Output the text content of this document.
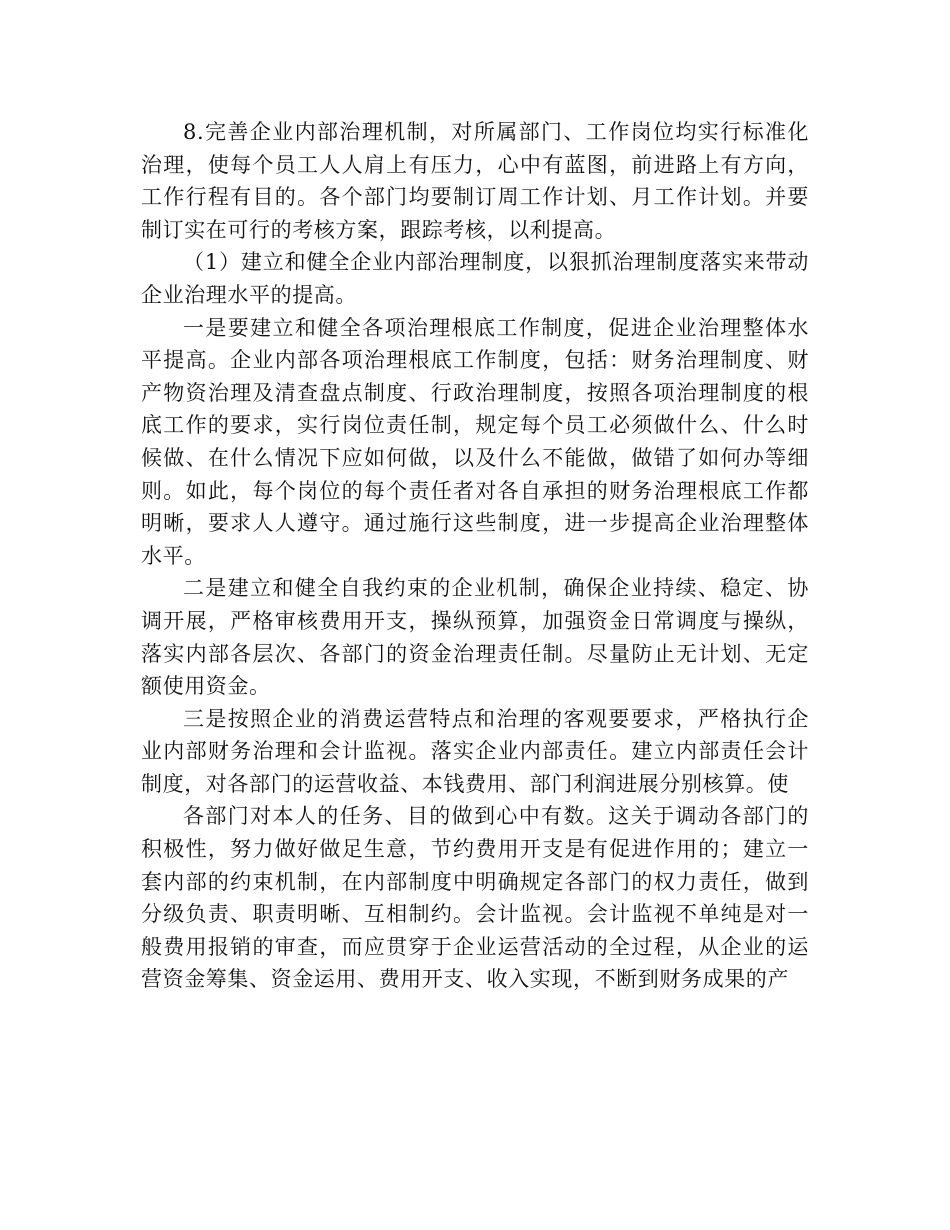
8.完善企业内部治理机制，对所属部门、工作岗位均实行标准化治理，使每个员工人人肩上有压力，心中有蓝图，前进路上有方向，工作行程有目的。各个部门均要制订周工作计划、月工作计划。并要制订实在可行的考核方案，跟踪考核，以利提高。

（1）建立和健全企业内部治理制度，以狠抓治理制度落实来带动企业治理水平的提高。

一是要建立和健全各项治理根底工作制度，促进企业治理整体水平提高。企业内部各项治理根底工作制度，包括：财务治理制度、财产物资治理及清查盘点制度、行政治理制度，按照各项治理制度的根底工作的要求，实行岗位责任制，规定每个员工必须做什么、什么时候做、在什么情况下应如何做，以及什么不能做，做错了如何办等细则。如此，每个岗位的每个责任者对各自承担的财务治理根底工作都明晰，要求人人遵守。通过施行这些制度，进一步提高企业治理整体水平。

二是建立和健全自我约束的企业机制，确保企业持续、稳定、协调开展，严格审核费用开支，操纵预算，加强资金日常调度与操纵，落实内部各层次、各部门的资金治理责任制。尽量防止无计划、无定额使用资金。

三是按照企业的消费运营特点和治理的客观要要求，严格执行企业内部财务治理和会计监视。落实企业内部责任。建立内部责任会计制度，对各部门的运营收益、本钱费用、部门利润进展分别核算。使

各部门对本人的任务、目的做到心中有数。这关于调动各部门的积极性，努力做好做足生意，节约费用开支是有促进作用的；建立一套内部的约束机制，在内部制度中明确规定各部门的权力责任，做到分级负责、职责明晰、互相制约。会计监视。会计监视不单纯是对一般费用报销的审查，而应贯穿于企业运营活动的全过程，从企业的运营资金筹集、资金运用、费用开支、收入实现，不断到财务成果的产
